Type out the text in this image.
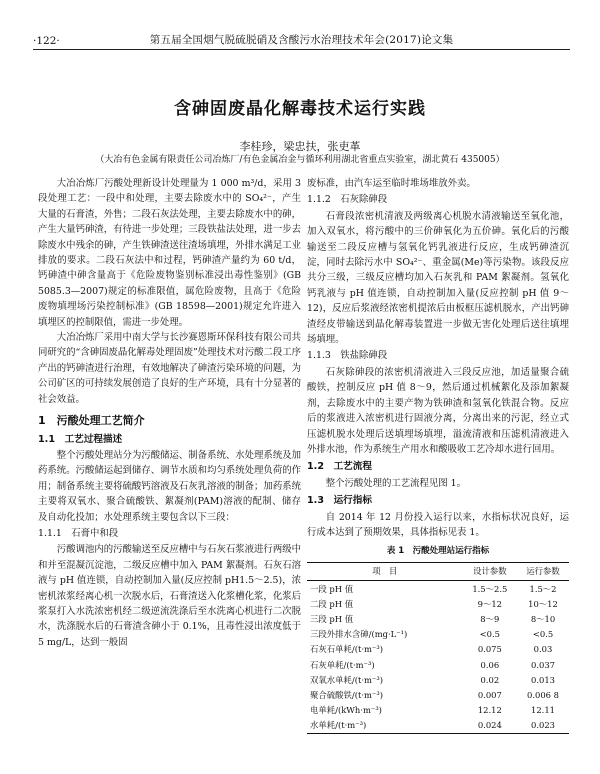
·122·	第五届全国烟气脱硫脱硝及含酸污水治理技术年会(2017)论文集
含砷固废晶化解毒技术运行实践
李桂珍，梁忠扶，张吏革
（大冶有色金属有限责任公司冶炼厂/有色金属冶金与循环利用湖北省重点实验室，湖北黄石 435005）

大冶冶炼厂污酸处理新设计处理量为 1 000 m³/d，采用 3 段处理工艺：一段中和处理，主要去除废水中的 SO₄²⁻，产生大量的石膏渣，外售；二段石灰法处理，主要去除废水中的砷，产生大量钙砷渣，有待进一步处理；三段铁盐法处理，进一步去除废水中残余的砷，产生铁砷渣送往渣场填埋，外排水满足工业排放的要求。二段石灰法中和过程，钙砷渣产量约为 60 t/d，钙砷渣中砷含量高于《危险废物鉴别标准浸出毒性鉴别》(GB 5085.3—2007)规定的标准限值，属危险废物，且高于《危险废物填埋场污染控制标准》(GB 18598—2001)规定允许进入填埋区的控制限值，需进一步处理。

大冶冶炼厂采用中南大学与长沙赛恩斯环保科技有限公司共同研究的“含砷固废晶化解毒处理固废”处理技术对污酸二段工序产出的钙砷渣进行治理，有效地解决了砷渣污染环境的问题，为公司矿区的可持续发展创造了良好的生产环境，具有十分显著的社会效益。

1　污酸处理工艺简介
1.1　工艺过程描述

整个污酸处理站分为污酸储运、制备系统、水处理系统及加药系统。污酸储运起到储存、调节水质和均匀系统处理负荷的作用；制备系统主要将硫酸钙溶液及石灰乳溶液的制备；加药系统主要将双氧水、聚合硫酸铁、絮凝剂(PAM)溶液的配制、储存及自动化投加；水处理系统主要包含以下三段：

1.1.1　石膏中和段

污酸调池内的污酸输送至反应槽中与石灰石浆液进行两级中和并至混凝沉淀池，二级反应槽中加入 PAM 絮凝剂。石灰石溶液与 pH 值连锁，自动控制加入量(反应控制 pH1.5～2.5)，浓密机浓浆经离心机一次脱水后，石膏渣送入化浆槽化浆，化浆后浆泵打入水洗浓密机经二级逆流洗涤后至水洗离心机进行二次脱水，洗涤脱水后的石膏渣含砷小于 0.1%，且毒性浸出浓度低于 5 mg/L，达到一般固

废标准，由汽车运至临时堆场堆放外卖。

1.1.2　石灰除砷段

石膏段浓密机清液及两级离心机脱水清液输送至氧化池，加入双氧水，将污酸中的三价砷氧化为五价砷。氧化后的污酸输送至二段反应槽与氢氧化钙乳液进行反应，生成钙砷渣沉淀，同时去除污水中 SO₄²⁻、重金属(Me)等污染物。该段反应共分三级，三级反应槽均加入石灰乳和 PAM 絮凝剂。氢氧化钙乳液与 pH 值连锁，自动控制加入量(反应控制 pH 值 9～12)，反应后浆液经浓密机提浓后由板框压滤机脱水，产出钙砷渣经皮带输送到晶化解毒装置进一步做无害化处理后送往填埋场填埋。

1.1.3　铁盐除砷段

石灰除砷段的浓密机清液进入三段反应池，加适量聚合硫酸铁，控制反应 pH 值 8～9，然后通过机械絮化及添加絮凝剂，去除废水中的主要产物为铁砷渣和氢氧化铁混合物。反应后的浆液进入浓密机进行固液分离，分离出来的污泥，经立式压滤机脱水处理后送填埋场填埋，溢流清液和压滤机清液进入外排水池，作为系统生产用水和酸吸收工艺冷却水进行回用。

1.2　工艺流程

整个污酸处理的工艺流程见图 1。

1.3　运行指标

自 2014 年 12 月份投入运行以来，水指标状况良好，运行成本达到了预期效果，具体指标见表 1。

表 1　污酸处理站运行指标
项　目	设计参数	运行参数
一段 pH 值	1.5～2.5	1.5～2
二段 pH 值	9～12	10～12
三段 pH 值	8～9	8～10
三段外排水含砷/(mg·L⁻¹)	<0.5	<0.5
石灰石单耗/(t·m⁻³)	0.075	0.03
石灰单耗/(t·m⁻³)	0.06	0.037
双氧水单耗/(t·m⁻³)	0.02	0.013
聚合硫酸铁/(t·m⁻³)	0.007	0.006 8
电单耗/(kWh·m⁻³)	12.12	12.11
水单耗/(t·m⁻³)	0.024	0.023
